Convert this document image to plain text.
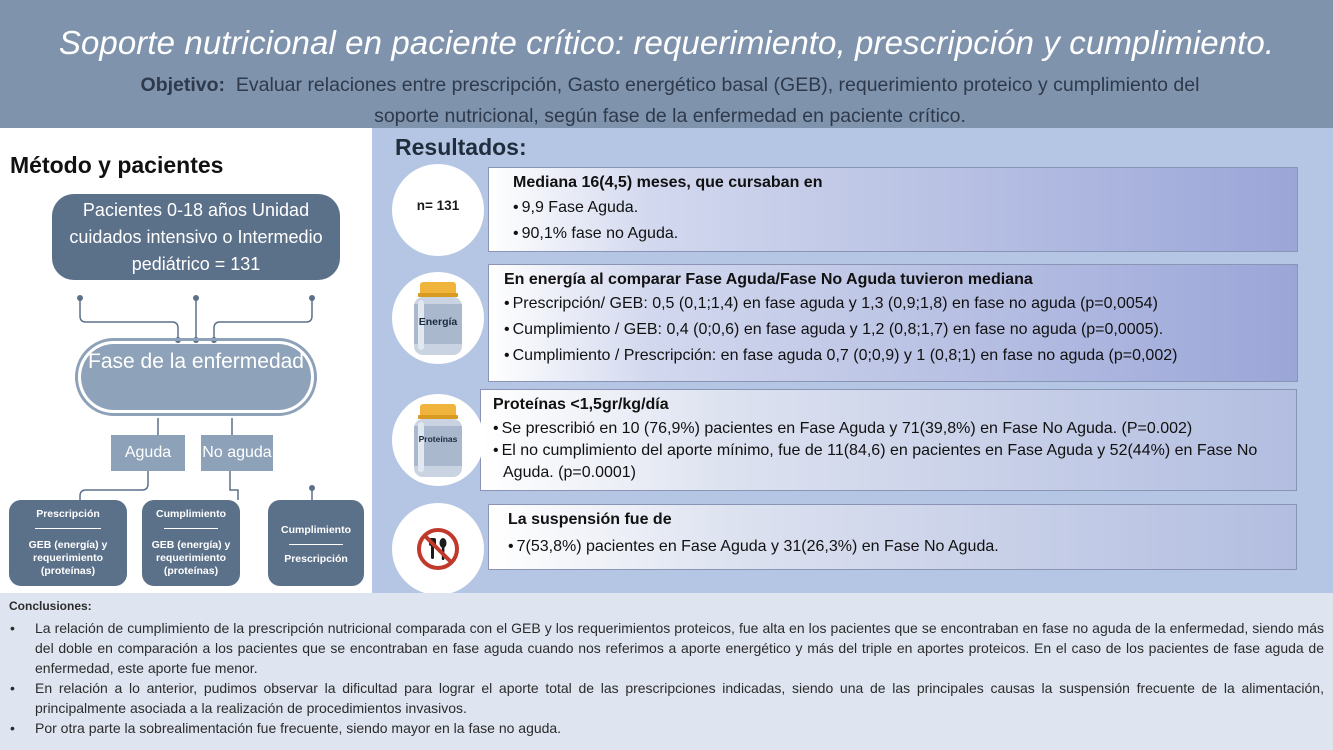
Soporte nutricional en paciente crítico: requerimiento, prescripción y cumplimiento.
Objetivo: Evaluar relaciones entre prescripción, Gasto energético basal (GEB), requerimiento proteico y cumplimiento del soporte nutricional, según fase de la enfermedad en paciente crítico.
Método y pacientes
Pacientes 0-18 años Unidad cuidados intensivo o Intermedio pediátrico = 131
Fase de la enfermedad
Aguda	No aguda
Prescripción
GEB (energía) y requerimiento (proteínas)
Cumplimiento
GEB (energía) y requerimiento (proteínas)
Cumplimiento
Prescripción
Resultados:
Mediana 16(4,5) meses, que cursaban en
• 9,9 Fase Aguda.
• 90,1% fase no Aguda.
En energía al comparar Fase Aguda/Fase No Aguda tuvieron mediana
• Prescripción/ GEB: 0,5 (0,1;1,4) en fase aguda y 1,3 (0,9;1,8) en fase no aguda (p=0,0054)
• Cumplimiento / GEB: 0,4 (0;0,6) en fase aguda y 1,2 (0,8;1,7) en fase no aguda (p=0,0005).
• Cumplimiento / Prescripción: en fase aguda 0,7 (0;0,9) y 1 (0,8;1) en fase no aguda (p=0,002)
Proteínas <1,5gr/kg/día
• Se prescribió en 10 (76,9%) pacientes en Fase Aguda y 71(39,8%) en Fase No Aguda. (P=0.002)
• El no cumplimiento del aporte mínimo, fue de 11(84,6) en pacientes en Fase Aguda y 52(44%) en Fase No Aguda. (p=0.0001)
La suspensión fue de
• 7(53,8%) pacientes en Fase Aguda y 31(26,3%) en Fase No Aguda.
n= 131
Energía
Proteínas
Conclusiones:
• La relación de cumplimiento de la prescripción nutricional comparada con el GEB y los requerimientos proteicos, fue alta en los pacientes que se encontraban en fase no aguda de la enfermedad, siendo más del doble en comparación a los pacientes que se encontraban en fase aguda cuando nos referimos a aporte energético y más del triple en aportes proteicos. En el caso de los pacientes de fase aguda de enfermedad, este aporte fue menor.
• En relación a lo anterior, pudimos observar la dificultad para lograr el aporte total de las prescripciones indicadas, siendo una de las principales causas la suspensión frecuente de la alimentación, principalmente asociada a la realización de procedimientos invasivos.
• Por otra parte la sobrealimentación fue frecuente, siendo mayor en la fase no aguda.
